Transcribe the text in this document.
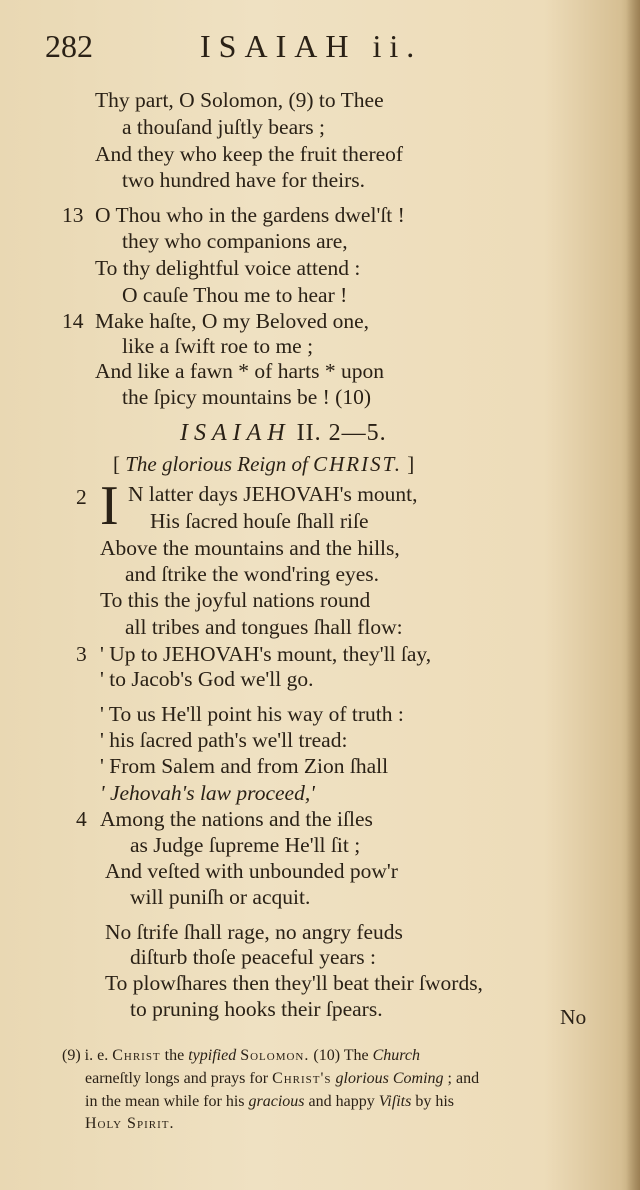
282	ISAIAH ii.
Thy part, O Solomon, (9) to Thee
a thouſand juſtly bears ;
And they who keep the fruit thereof
two hundred have for theirs.
13 O Thou who in the gardens dwel'ſt !
they who companions are,
To thy delightful voice attend :
O cauſe Thou me to hear !
14 Make haſte, O my Beloved one,
like a ſwift roe to me ;
And like a fawn * of harts * upon
the ſpicy mountains be ! (10)
ISAIAH II. 2—5.
[ The glorious Reign of CHRIST. ]
2 I N latter days JEHOVAH's mount,
His ſacred houſe ſhall riſe
Above the mountains and the hills,
and ſtrike the wond'ring eyes.
To this the joyful nations round
all tribes and tongues ſhall flow:
3 ' Up to JEHOVAH's mount, they'll ſay,
' to Jacob's God we'll go.
' To us He'll point his way of truth :
' his ſacred path's we'll tread:
' From Salem and from Zion ſhall
' Jehovah's law proceed,'
4 Among the nations and the iſles
as Judge ſupreme He'll ſit ;
And veſted with unbounded pow'r
will puniſh or acquit.
No ſtrife ſhall rage, no angry feuds
diſturb thoſe peaceful years :
To plowſhares then they'll beat their ſwords,
to pruning hooks their ſpears.	No
(9) i. e. Christ the typified Solomon. (10) The Church
earneſtly longs and prays for Christ's glorious Coming ; and
in the mean while for his gracious and happy Viſits by his
Holy Spirit.
